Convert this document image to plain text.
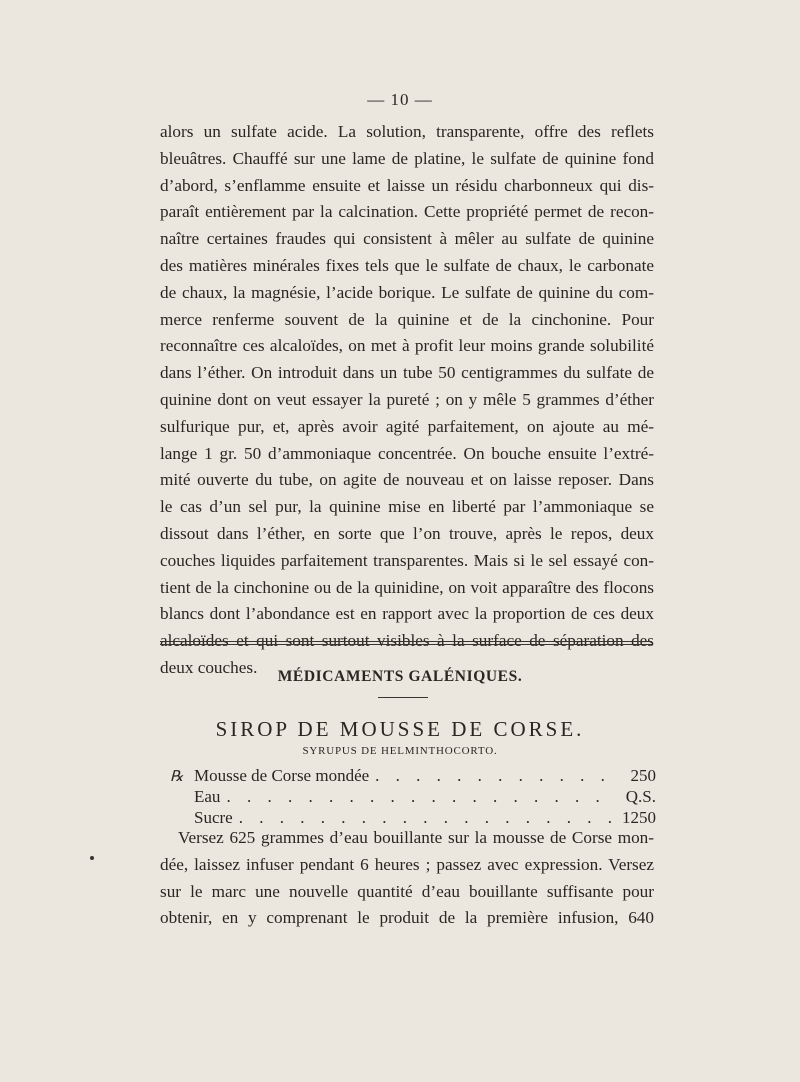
— 10 —
alors un sulfate acide. La solution, transparente, offre des reflets
bleuâtres. Chauffé sur une lame de platine, le sulfate de quinine fond
d’abord, s’enflamme ensuite et laisse un résidu charbonneux qui dis-
paraît entièrement par la calcination. Cette propriété permet de recon-
naître certaines fraudes qui consistent à mêler au sulfate de quinine
des matières minérales fixes tels que le sulfate de chaux, le carbonate
de chaux, la magnésie, l’acide borique. Le sulfate de quinine du com-
merce renferme souvent de la quinine et de la cinchonine. Pour
reconnaître ces alcaloïdes, on met à profit leur moins grande solubilité
dans l’éther. On introduit dans un tube 50 centigrammes du sulfate de
quinine dont on veut essayer la pureté ; on y mêle 5 grammes d’éther
sulfurique pur, et, après avoir agité parfaitement, on ajoute au mé-
lange 1 gr. 50 d’ammoniaque concentrée. On bouche ensuite l’extré-
mité ouverte du tube, on agite de nouveau et on laisse reposer. Dans
le cas d’un sel pur, la quinine mise en liberté par l’ammoniaque se
dissout dans l’éther, en sorte que l’on trouve, après le repos, deux
couches liquides parfaitement transparentes. Mais si le sel essayé con-
tient de la cinchonine ou de la quinidine, on voit apparaître des flocons
blancs dont l’abondance est en rapport avec la proportion de ces deux
alcaloïdes et qui sont surtout visibles à la surface de séparation des
deux couches.	MÉDICAMENTS GALÉNIQUES.
SIROP DE MOUSSE DE CORSE.
SYRUPUS DE HELMINTHOCORTO.
℞ Mousse de Corse mondée . . .	250
Eau . . .	Q.S.
Sucre . . .	1250
Versez 625 grammes d’eau bouillante sur la mousse de Corse mon-
dée, laissez infuser pendant 6 heures ; passez avec expression. Versez
sur le marc une nouvelle quantité d’eau bouillante suffisante pour
obtenir, en y comprenant le produit de la première infusion, 640
